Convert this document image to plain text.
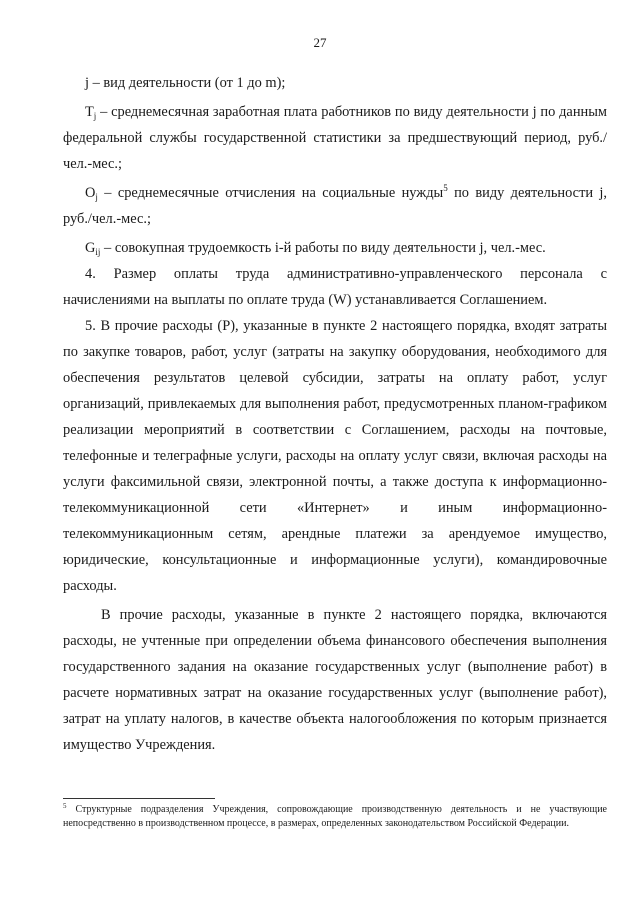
27

j – вид деятельности (от 1 до m);

$T_j$ – среднемесячная заработная плата работников по виду деятельности j по данным федеральной службы государственной статистики за предшествующий период, руб./чел.-мес.;

$O_j$ – среднемесячные отчисления на социальные нужды$^5$ по виду деятельности j, руб./чел.-мес.;

$G_{ij}$ – совокупная трудоемкость i-й работы по виду деятельности j, чел.-мес.

4. Размер оплаты труда административно-управленческого персонала с начислениями на выплаты по оплате труда (W) устанавливается Соглашением.

5. В прочие расходы (P), указанные в пункте 2 настоящего порядка, входят затраты по закупке товаров, работ, услуг (затраты на закупку оборудования, необходимого для обеспечения результатов целевой субсидии, затраты на оплату работ, услуг организаций, привлекаемых для выполнения работ, предусмотренных планом-графиком реализации мероприятий в соответствии с Соглашением, расходы на почтовые, телефонные и телеграфные услуги, расходы на оплату услуг связи, включая расходы на услуги факсимильной связи, электронной почты, а также доступа к информационно-телекоммуникационной сети «Интернет» и иным информационно-телекоммуникационным сетям, арендные платежи за арендуемое имущество, юридические, консультационные и информационные услуги), командировочные расходы.

В прочие расходы, указанные в пункте 2 настоящего порядка, включаются расходы, не учтенные при определении объема финансового обеспечения выполнения государственного задания на оказание государственных услуг (выполнение работ) в расчете нормативных затрат на оказание государственных услуг (выполнение работ), затрат на уплату налогов, в качестве объекта налогообложения по которым признается имущество Учреждения.

$^5$ Структурные подразделения Учреждения, сопровождающие производственную деятельность и не участвующие непосредственно в производственном процессе, в размерах, определенных законодательством Российской Федерации.
